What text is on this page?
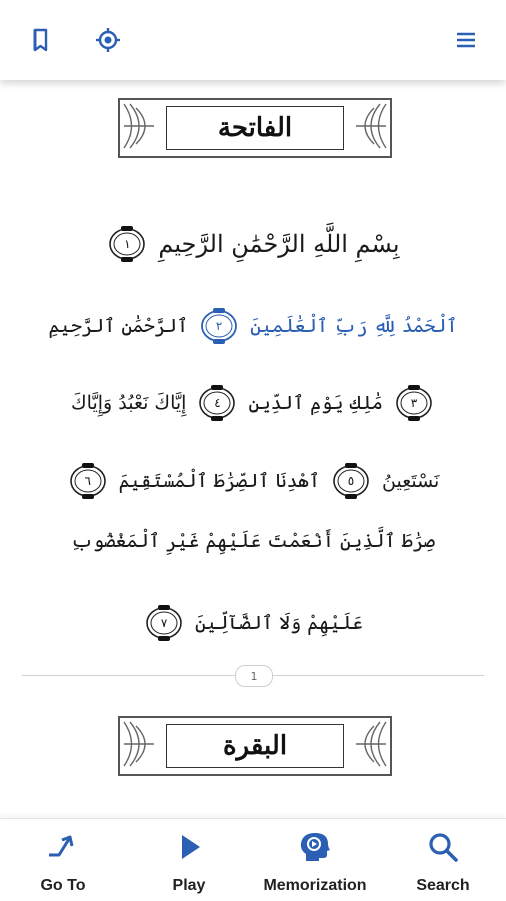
الفاتحة
بِسْمِ اللَّهِ الرَّحْمَٰنِ الرَّحِيمِ
١
ٱلْحَمْدُ لِلَّهِ رَبِّ ٱلْعَٰلَمِينَ
٢
ٱلرَّحْمَٰنِ ٱلرَّحِيمِ
٣
مَٰلِكِ يَوْمِ ٱلدِّينِ
٤
إِيَّاكَ نَعْبُدُ وَإِيَّاكَ
نَسْتَعِينُ
٥
ٱهْدِنَا ٱلصِّرَٰطَ ٱلْمُسْتَقِيمَ
٦
صِرَٰطَ ٱلَّذِينَ أَنْعَمْتَ عَلَيْهِمْ غَيْرِ ٱلْمَغْضُوبِ
عَلَيْهِمْ وَلَا ٱلضَّآلِّينَ
٧
1
البقرة
Go To	Play	Memorization	Search
